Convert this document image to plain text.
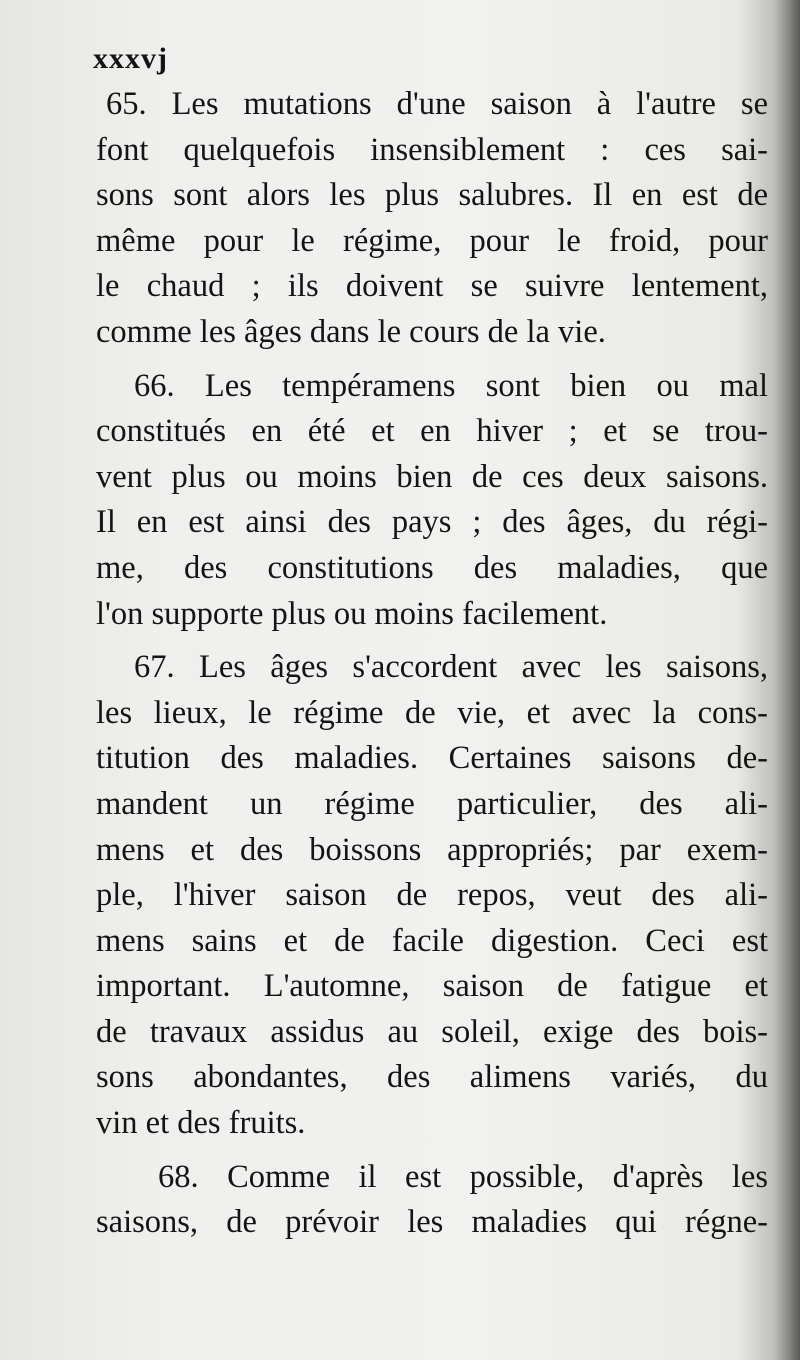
xxxvj
65. Les mutations d'une saison à l'autre se
font quelquefois insensiblement : ces sai-
sons sont alors les plus salubres. Il en est de
même pour le régime, pour le froid, pour
le chaud ; ils doivent se suivre lentement,
comme les âges dans le cours de la vie.
66. Les tempéramens sont bien ou mal
constitués en été et en hiver ; et se trou-
vent plus ou moins bien de ces deux saisons.
Il en est ainsi des pays ; des âges, du régi-
me, des constitutions des maladies, que
l'on supporte plus ou moins facilement.
67. Les âges s'accordent avec les saisons,
les lieux, le régime de vie, et avec la cons-
titution des maladies. Certaines saisons de-
mandent un régime particulier, des ali-
mens et des boissons appropriés; par exem-
ple, l'hiver saison de repos, veut des ali-
mens sains et de facile digestion. Ceci est
important. L'automne, saison de fatigue et
de travaux assidus au soleil, exige des bois-
sons abondantes, des alimens variés, du
vin et des fruits.
68. Comme il est possible, d'après les
saisons, de prévoir les maladies qui régne-
